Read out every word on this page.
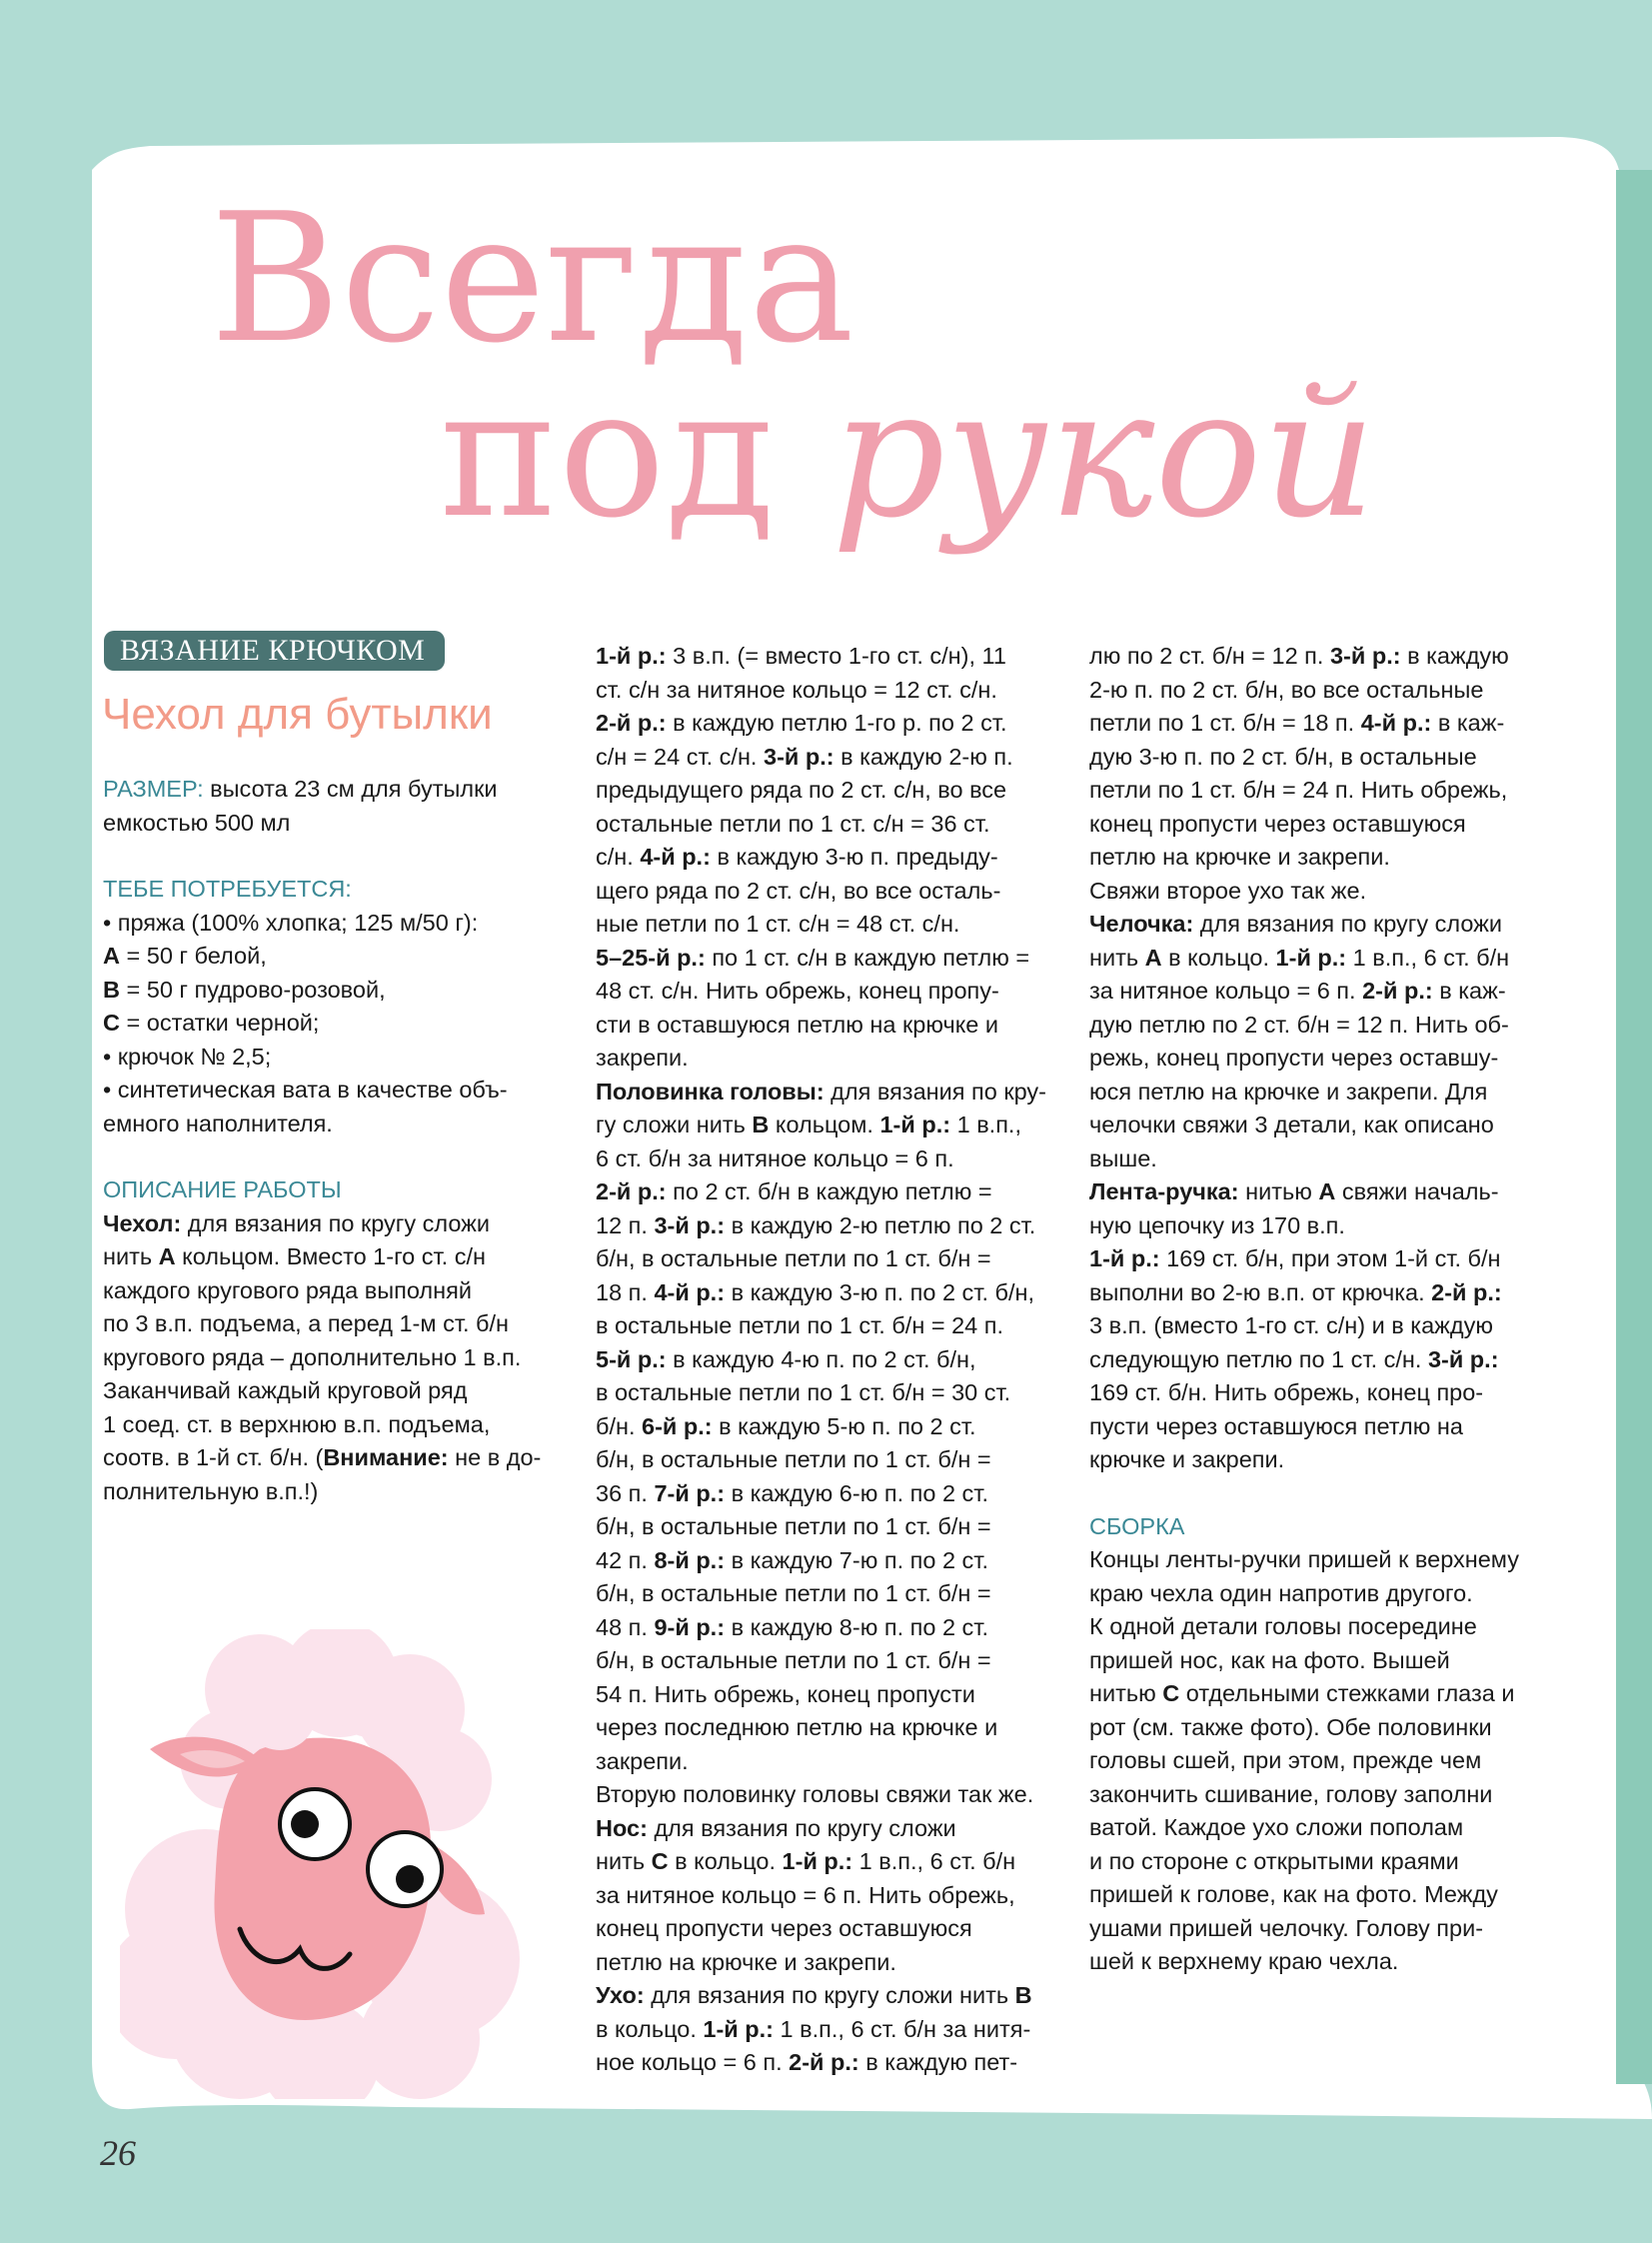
Всегда
под рукой
ВЯЗАНИЕ КРЮЧКОМ
Чехол для бутылки

РАЗМЕР: высота 23 см для бутылки

емкостью 500 мл

ТЕБЕ ПОТРЕБУЕТСЯ:

• пряжа (100% хлопка; 125 м/50 г):

А = 50 г белой,

В = 50 г пудрово-розовой,

С = остатки черной;

• крючок № 2,5;

• синтетическая вата в качестве объ-

емного наполнителя.

ОПИСАНИЕ РАБОТЫ

Чехол: для вязания по кругу сложи

нить А кольцом. Вместо 1-го ст. с/н

каждого кругового ряда выполняй

по 3 в.п. подъема, а перед 1-м ст. б/н

кругового ряда – дополнительно 1 в.п.

Заканчивай каждый круговой ряд

1 соед. ст. в верхнюю в.п. подъема,

соотв. в 1-й ст. б/н. (Внимание: не в до-

полнительную в.п.!)

1-й р.: 3 в.п. (= вместо 1-го ст. с/н), 11

ст. с/н за нитяное кольцо = 12 ст. с/н.

2-й р.: в каждую петлю 1-го р. по 2 ст.

с/н = 24 ст. с/н. 3-й р.: в каждую 2-ю п.

предыдущего ряда по 2 ст. с/н, во все

остальные петли по 1 ст. с/н = 36 ст.

с/н. 4-й р.: в каждую 3-ю п. предыду-

щего ряда по 2 ст. с/н, во все осталь-

ные петли по 1 ст. с/н = 48 ст. с/н.

5–25-й р.: по 1 ст. с/н в каждую петлю =

48 ст. с/н. Нить обрежь, конец пропу-

сти в оставшуюся петлю на крючке и

закрепи.

Половинка головы: для вязания по кру-

гу сложи нить В кольцом. 1-й р.: 1 в.п.,

6 ст. б/н за нитяное кольцо = 6 п.

2-й р.: по 2 ст. б/н в каждую петлю =

12 п. 3-й р.: в каждую 2-ю петлю по 2 ст.

б/н, в остальные петли по 1 ст. б/н =

18 п. 4-й р.: в каждую 3-ю п. по 2 ст. б/н,

в остальные петли по 1 ст. б/н = 24 п.

5-й р.: в каждую 4-ю п. по 2 ст. б/н,

в остальные петли по 1 ст. б/н = 30 ст.

б/н. 6-й р.: в каждую 5-ю п. по 2 ст.

б/н, в остальные петли по 1 ст. б/н =

36 п. 7-й р.: в каждую 6-ю п. по 2 ст.

б/н, в остальные петли по 1 ст. б/н =

42 п. 8-й р.: в каждую 7-ю п. по 2 ст.

б/н, в остальные петли по 1 ст. б/н =

48 п. 9-й р.: в каждую 8-ю п. по 2 ст.

б/н, в остальные петли по 1 ст. б/н =

54 п. Нить обрежь, конец пропусти

через последнюю петлю на крючке и

закрепи.

Вторую половинку головы свяжи так же.

Нос: для вязания по кругу сложи

нить С в кольцо. 1-й р.: 1 в.п., 6 ст. б/н

за нитяное кольцо = 6 п. Нить обрежь,

конец пропусти через оставшуюся

петлю на крючке и закрепи.

Ухо: для вязания по кругу сложи нить В

в кольцо. 1-й р.: 1 в.п., 6 ст. б/н за нитя-

ное кольцо = 6 п. 2-й р.: в каждую пет-

лю по 2 ст. б/н = 12 п. 3-й р.: в каждую

2-ю п. по 2 ст. б/н, во все остальные

петли по 1 ст. б/н = 18 п. 4-й р.: в каж-

дую 3-ю п. по 2 ст. б/н, в остальные

петли по 1 ст. б/н = 24 п. Нить обрежь,

конец пропусти через оставшуюся

петлю на крючке и закрепи.

Свяжи второе ухо так же.

Челочка: для вязания по кругу сложи

нить А в кольцо. 1-й р.: 1 в.п., 6 ст. б/н

за нитяное кольцо = 6 п. 2-й р.: в каж-

дую петлю по 2 ст. б/н = 12 п. Нить об-

режь, конец пропусти через оставшу-

юся петлю на крючке и закрепи. Для

челочки свяжи 3 детали, как описано

выше.

Лента-ручка: нитью А свяжи началь-

ную цепочку из 170 в.п.

1-й р.: 169 ст. б/н, при этом 1-й ст. б/н

выполни во 2-ю в.п. от крючка. 2-й р.:

3 в.п. (вместо 1-го ст. с/н) и в каждую

следующую петлю по 1 ст. с/н. 3-й р.:

169 ст. б/н. Нить обрежь, конец про-

пусти через оставшуюся петлю на

крючке и закрепи.

СБОРКА

Концы ленты-ручки пришей к верхнему

краю чехла один напротив другого.

К одной детали головы посередине

пришей нос, как на фото. Вышей

нитью С отдельными стежками глаза и

рот (см. также фото). Обе половинки

головы сшей, при этом, прежде чем

закончить сшивание, голову заполни

ватой. Каждое ухо сложи пополам

и по стороне с открытыми краями

пришей к голове, как на фото. Между

ушами пришей челочку. Голову при-

шей к верхнему краю чехла.

26
